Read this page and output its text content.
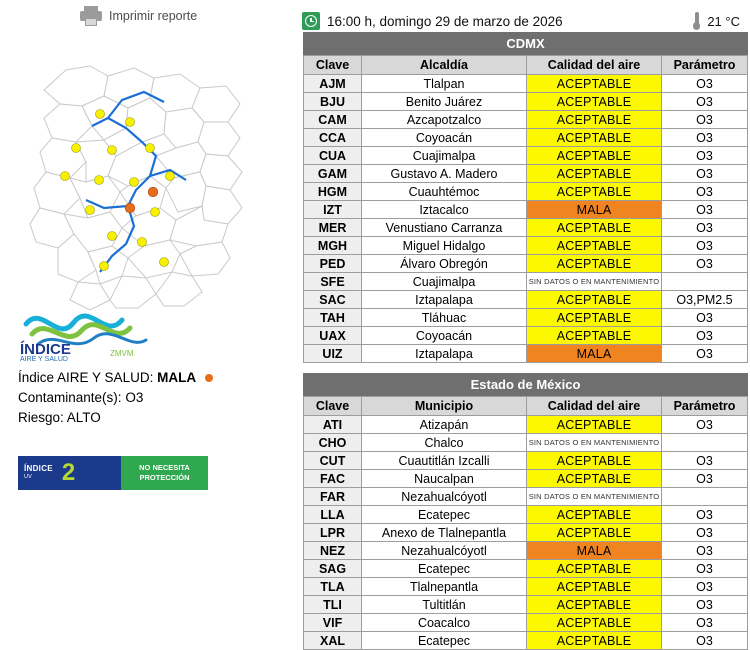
Imprimir reporte
ÍNDICE
AIRE Y SALUD
ZMVM
Índice AIRE Y SALUD: MALA
Contaminante(s): O3
Riesgo: ALTO
ÍNDICE
UV	2	NO NECESITA
PROTECCIÓN
16:00 h, domingo 29 de marzo de 2026	21 °C
CDMX
Clave	Alcaldía	Calidad del aire	Parámetro
AJM	Tlalpan	ACEPTABLE	O3
BJU	Benito Juárez	ACEPTABLE	O3
CAM	Azcapotzalco	ACEPTABLE	O3
CCA	Coyoacán	ACEPTABLE	O3
CUA	Cuajimalpa	ACEPTABLE	O3
GAM	Gustavo A. Madero	ACEPTABLE	O3
HGM	Cuauhtémoc	ACEPTABLE	O3
IZT	Iztacalco	MALA	O3
MER	Venustiano Carranza	ACEPTABLE	O3
MGH	Miguel Hidalgo	ACEPTABLE	O3
PED	Álvaro Obregón	ACEPTABLE	O3
SFE	Cuajimalpa	SIN DATOS O EN MANTENIMIENTO	
SAC	Iztapalapa	ACEPTABLE	O3,PM2.5
TAH	Tláhuac	ACEPTABLE	O3
UAX	Coyoacán	ACEPTABLE	O3
UIZ	Iztapalapa	MALA	O3
Estado de México
Clave	Municipio	Calidad del aire	Parámetro
ATI	Atizapán	ACEPTABLE	O3
CHO	Chalco	SIN DATOS O EN MANTENIMIENTO	
CUT	Cuautitlán Izcalli	ACEPTABLE	O3
FAC	Naucalpan	ACEPTABLE	O3
FAR	Nezahualcóyotl	SIN DATOS O EN MANTENIMIENTO	
LLA	Ecatepec	ACEPTABLE	O3
LPR	Anexo de Tlalnepantla	ACEPTABLE	O3
NEZ	Nezahualcóyotl	MALA	O3
SAG	Ecatepec	ACEPTABLE	O3
TLA	Tlalnepantla	ACEPTABLE	O3
TLI	Tultitlán	ACEPTABLE	O3
VIF	Coacalco	ACEPTABLE	O3
XAL	Ecatepec	ACEPTABLE	O3
